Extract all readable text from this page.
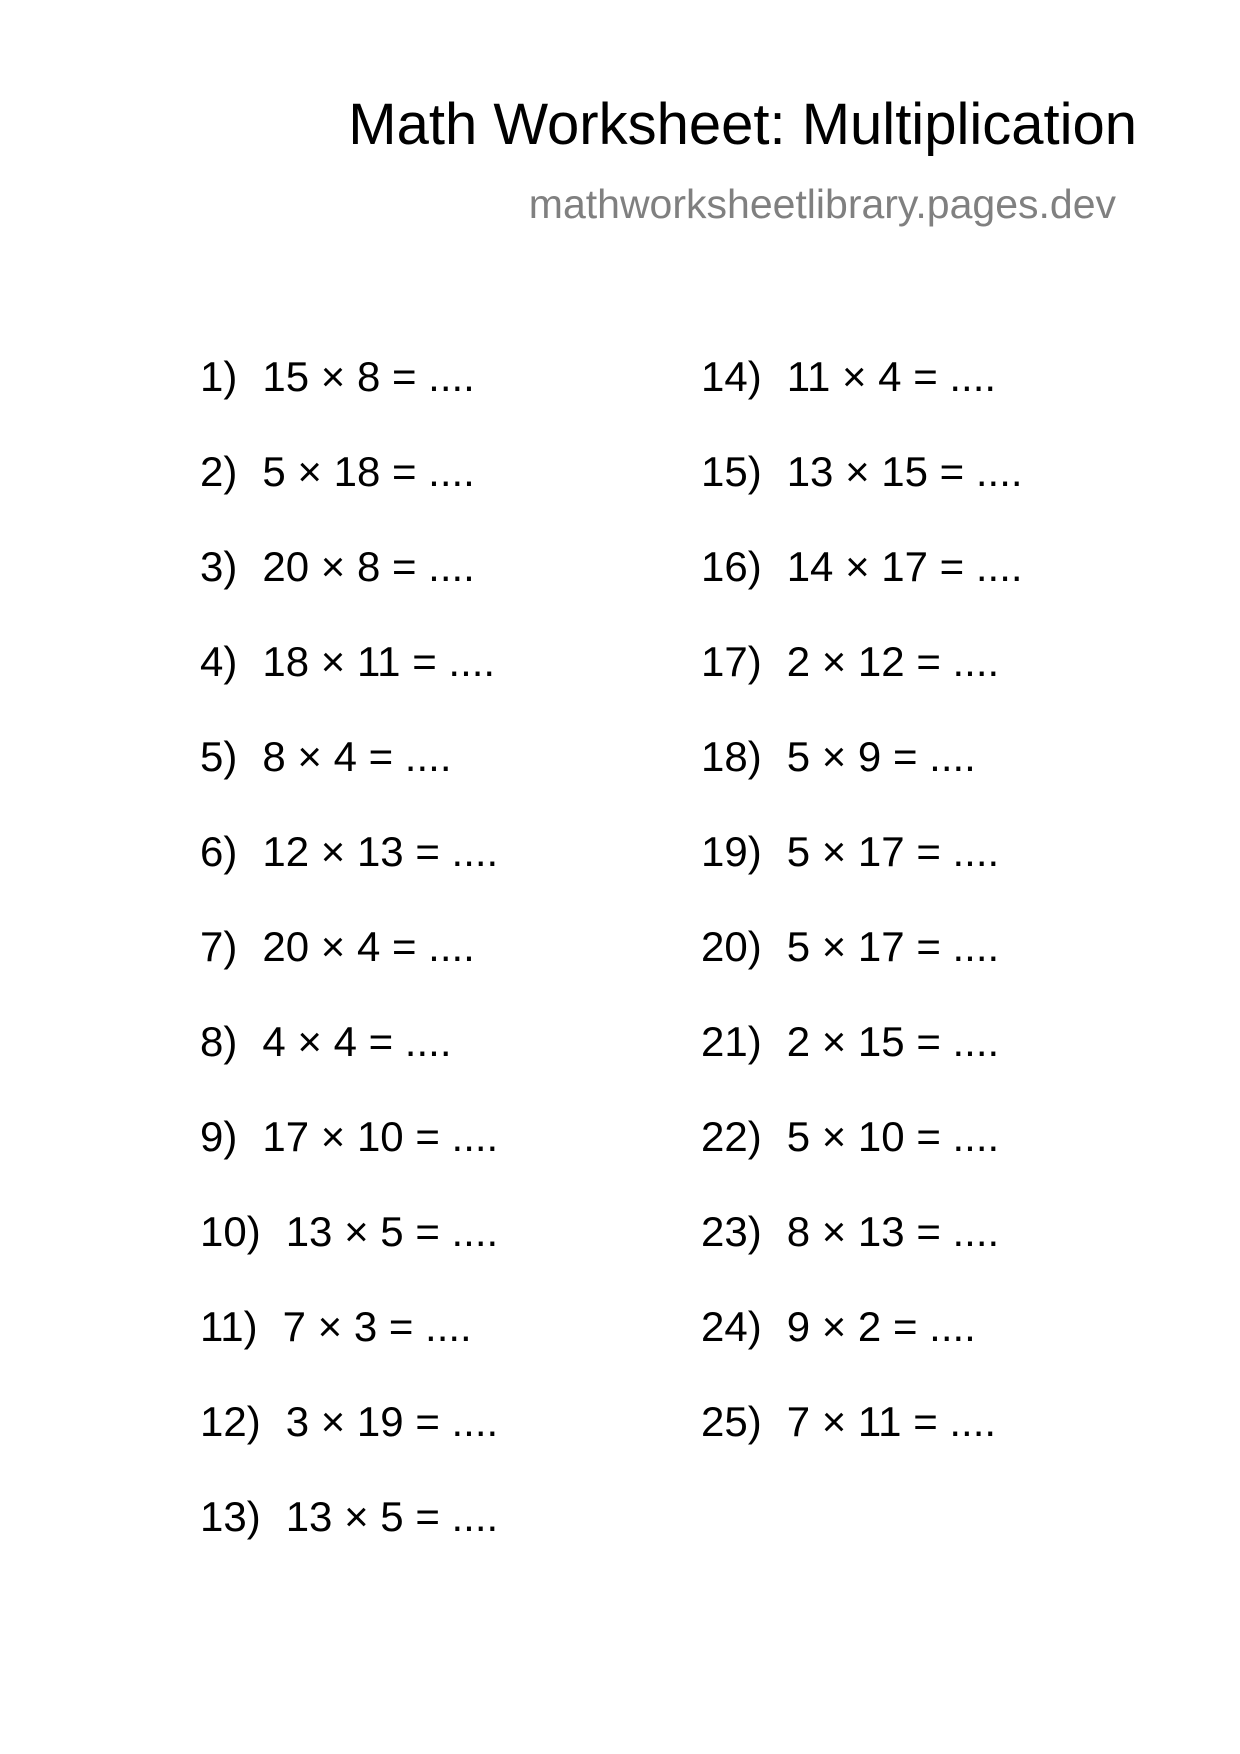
Math Worksheet: Multiplication
mathworksheetlibrary.pages.dev
1) 15 × 8 = ....
2) 5 × 18 = ....
3) 20 × 8 = ....
4) 18 × 11 = ....
5) 8 × 4 = ....
6) 12 × 13 = ....
7) 20 × 4 = ....
8) 4 × 4 = ....
9) 17 × 10 = ....
10) 13 × 5 = ....
11) 7 × 3 = ....
12) 3 × 19 = ....
13) 13 × 5 = ....
14) 11 × 4 = ....
15) 13 × 15 = ....
16) 14 × 17 = ....
17) 2 × 12 = ....
18) 5 × 9 = ....
19) 5 × 17 = ....
20) 5 × 17 = ....
21) 2 × 15 = ....
22) 5 × 10 = ....
23) 8 × 13 = ....
24) 9 × 2 = ....
25) 7 × 11 = ....
